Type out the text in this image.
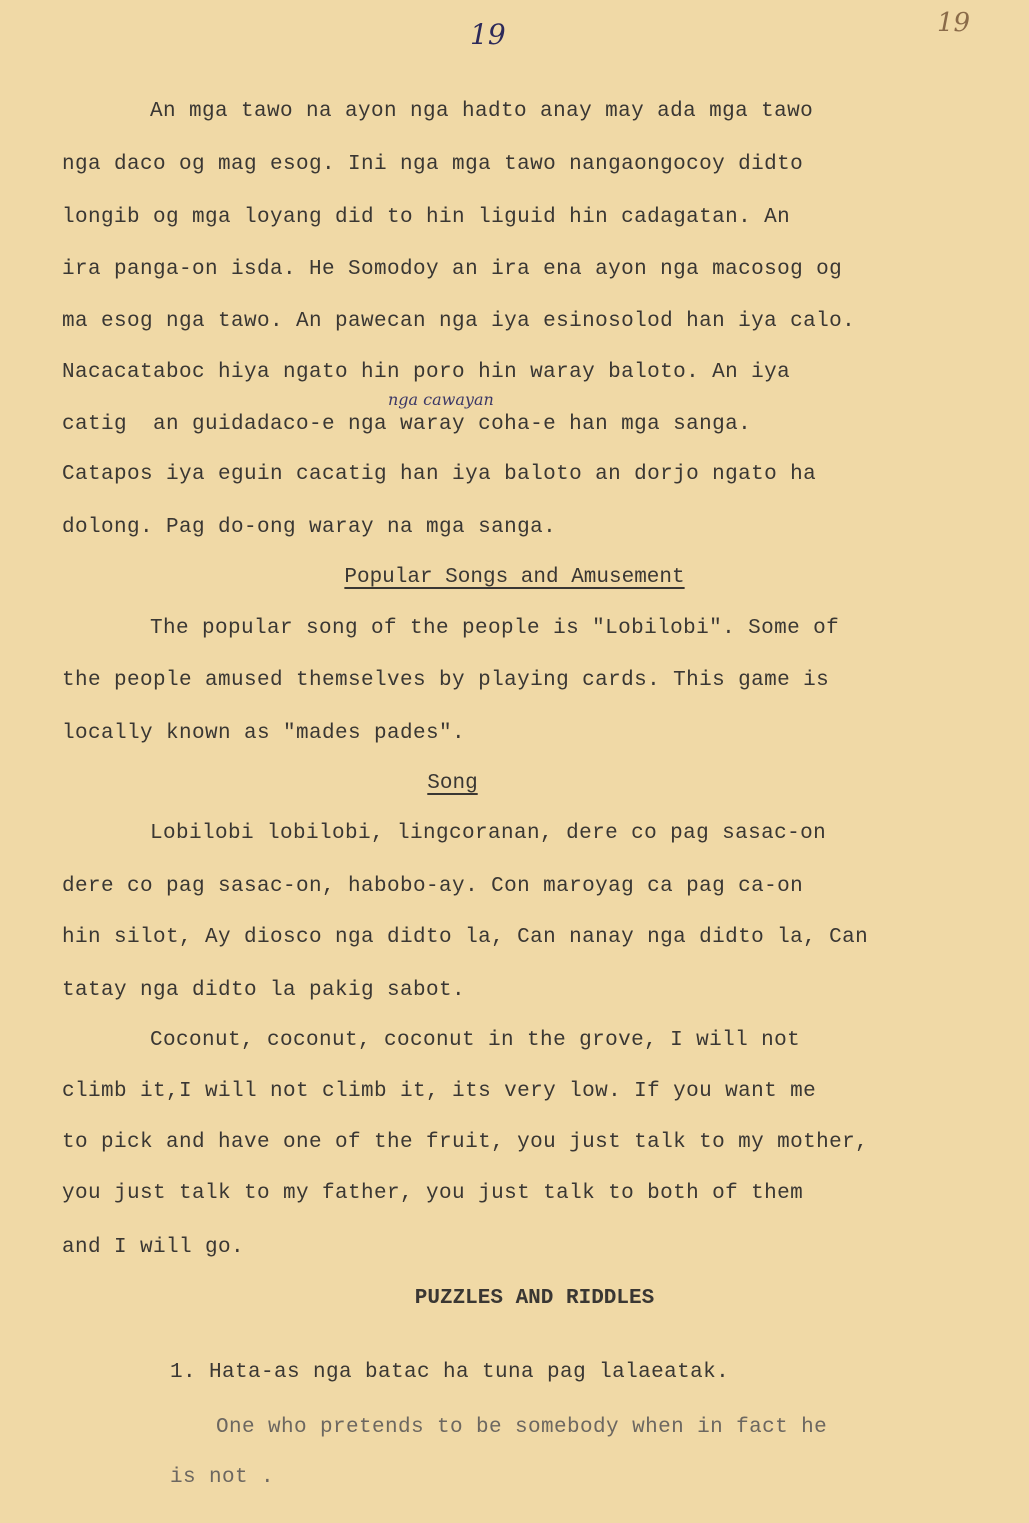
19	19
An mga tawo na ayon nga hadto anay may ada mga tawo
nga daco og mag esog. Ini nga mga tawo nangaongocoy didto
longib og mga loyang did to hin liguid hin cadagatan. An
ira panga-on isda. He Somodoy an ira ena ayon nga macosog og
ma esog nga tawo. An pawecan nga iya esinosolod han iya calo.
Nacacataboc hiya ngato hin poro hin waray baloto. An iya
nga cawayan
catig  an guidadaco-e nga waray coha-e han mga sanga.
Catapos iya eguin cacatig han iya baloto an dorjo ngato ha
dolong. Pag do-ong waray na mga sanga.
Popular Songs and Amusement
The popular song of the people is "Lobilobi". Some of
the people amused themselves by playing cards. This game is
locally known as "mades pades".
Song
Lobilobi lobilobi, lingcoranan, dere co pag sasac-on
dere co pag sasac-on, habobo-ay. Con maroyag ca pag ca-on
hin silot, Ay diosco nga didto la, Can nanay nga didto la, Can
tatay nga didto la pakig sabot.
Coconut, coconut, coconut in the grove, I will not
climb it,I will not climb it, its very low. If you want me
to pick and have one of the fruit, you just talk to my mother,
you just talk to my father, you just talk to both of them
and I will go.
PUZZLES AND RIDDLES
1. Hata-as nga batac ha tuna pag lalaeatak.
One who pretends to be somebody when in fact he
is not .
